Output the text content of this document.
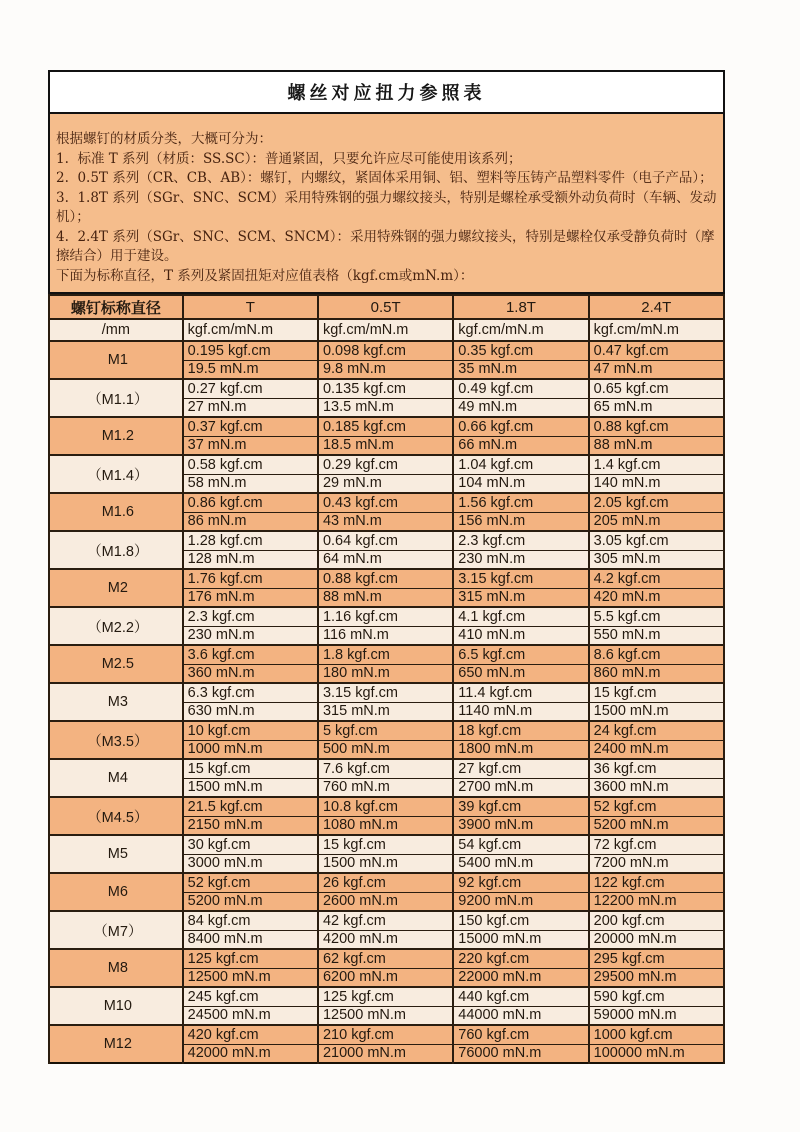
螺丝对应扭力参照表

根据螺钉的材质分类，大概可分为：

1.  标准 T 系列（材质：SS.SC）：普通紧固，只要允许应尽可能使用该系列；

2.  0.5T 系列（CR、CB、AB）：螺钉，内螺纹，紧固体采用铜、铝、塑料等压铸产品塑料零件（电子产品）；

3.  1.8T 系列（SGr、SNC、SCM）采用特殊钢的强力螺纹接头，特别是螺栓承受额外动负荷时（车辆、发动机）；

4.  2.4T 系列（SGr、SNC、SCM、SNCM）：采用特殊钢的强力螺纹接头，特别是螺栓仅承受静负荷时（摩擦结合）用于建设。

下面为标称直径，T 系列及紧固扭矩对应值表格（kgf.cm或mN.m）：

螺钉标称直径	T	0.5T	1.8T	2.4T
/mm	kgf.cm/mN.m	kgf.cm/mN.m	kgf.cm/mN.m	kgf.cm/mN.m
M1	0.195 kgf.cm	0.098 kgf.cm	0.35 kgf.cm	0.47 kgf.cm
	19.5 mN.m	9.8 mN.m	35 mN.m	47 mN.m
（M1.1）	0.27 kgf.cm	0.135 kgf.cm	0.49 kgf.cm	0.65 kgf.cm
	27 mN.m	13.5 mN.m	49 mN.m	65 mN.m
M1.2	0.37 kgf.cm	0.185 kgf.cm	0.66 kgf.cm	0.88 kgf.cm
	37 mN.m	18.5 mN.m	66 mN.m	88 mN.m
（M1.4）	0.58 kgf.cm	0.29 kgf.cm	1.04 kgf.cm	1.4 kgf.cm
	58 mN.m	29 mN.m	104 mN.m	140 mN.m
M1.6	0.86 kgf.cm	0.43 kgf.cm	1.56 kgf.cm	2.05 kgf.cm
	86 mN.m	43 mN.m	156 mN.m	205 mN.m
（M1.8）	1.28 kgf.cm	0.64 kgf.cm	2.3 kgf.cm	3.05 kgf.cm
	128 mN.m	64 mN.m	230 mN.m	305 mN.m
M2	1.76 kgf.cm	0.88 kgf.cm	3.15 kgf.cm	4.2 kgf.cm
	176 mN.m	88 mN.m	315 mN.m	420 mN.m
（M2.2）	2.3 kgf.cm	1.16 kgf.cm	4.1 kgf.cm	5.5 kgf.cm
	230 mN.m	116 mN.m	410 mN.m	550 mN.m
M2.5	3.6 kgf.cm	1.8 kgf.cm	6.5 kgf.cm	8.6 kgf.cm
	360 mN.m	180 mN.m	650 mN.m	860 mN.m
M3	6.3 kgf.cm	3.15 kgf.cm	11.4 kgf.cm	15 kgf.cm
	630 mN.m	315 mN.m	1140 mN.m	1500 mN.m
（M3.5）	10 kgf.cm	5 kgf.cm	18 kgf.cm	24 kgf.cm
	1000 mN.m	500 mN.m	1800 mN.m	2400 mN.m
M4	15 kgf.cm	7.6 kgf.cm	27 kgf.cm	36 kgf.cm
	1500 mN.m	760 mN.m	2700 mN.m	3600 mN.m
（M4.5）	21.5 kgf.cm	10.8 kgf.cm	39 kgf.cm	52 kgf.cm
	2150 mN.m	1080 mN.m	3900 mN.m	5200 mN.m
M5	30 kgf.cm	15 kgf.cm	54 kgf.cm	72 kgf.cm
	3000 mN.m	1500 mN.m	5400 mN.m	7200 mN.m
M6	52 kgf.cm	26 kgf.cm	92 kgf.cm	122 kgf.cm
	5200 mN.m	2600 mN.m	9200 mN.m	12200 mN.m
（M7）	84 kgf.cm	42 kgf.cm	150 kgf.cm	200 kgf.cm
	8400 mN.m	4200 mN.m	15000 mN.m	20000 mN.m
M8	125 kgf.cm	62 kgf.cm	220 kgf.cm	295 kgf.cm
	12500 mN.m	6200 mN.m	22000 mN.m	29500 mN.m
M10	245 kgf.cm	125 kgf.cm	440 kgf.cm	590 kgf.cm
	24500 mN.m	12500 mN.m	44000 mN.m	59000 mN.m
M12	420 kgf.cm	210 kgf.cm	760 kgf.cm	1000 kgf.cm
	42000 mN.m	21000 mN.m	76000 mN.m	100000 mN.m
